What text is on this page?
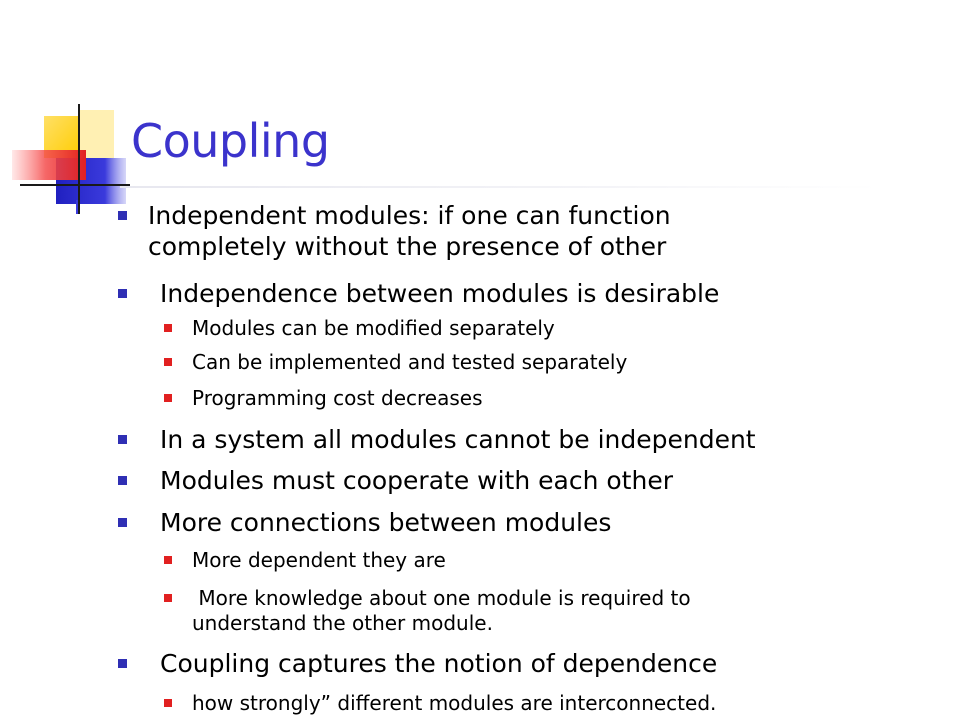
Coupling
Independent modules: if one can function
completely without the presence of other
Independence between modules is desirable
Modules can be modified separately
Can be implemented and tested separately
Programming cost decreases
In a system all modules cannot be independent
Modules must cooperate with each other
More connections between modules
More dependent they are
More knowledge about one module is required to
understand the other module.
Coupling captures the notion of dependence
how strongly” different modules are interconnected.
